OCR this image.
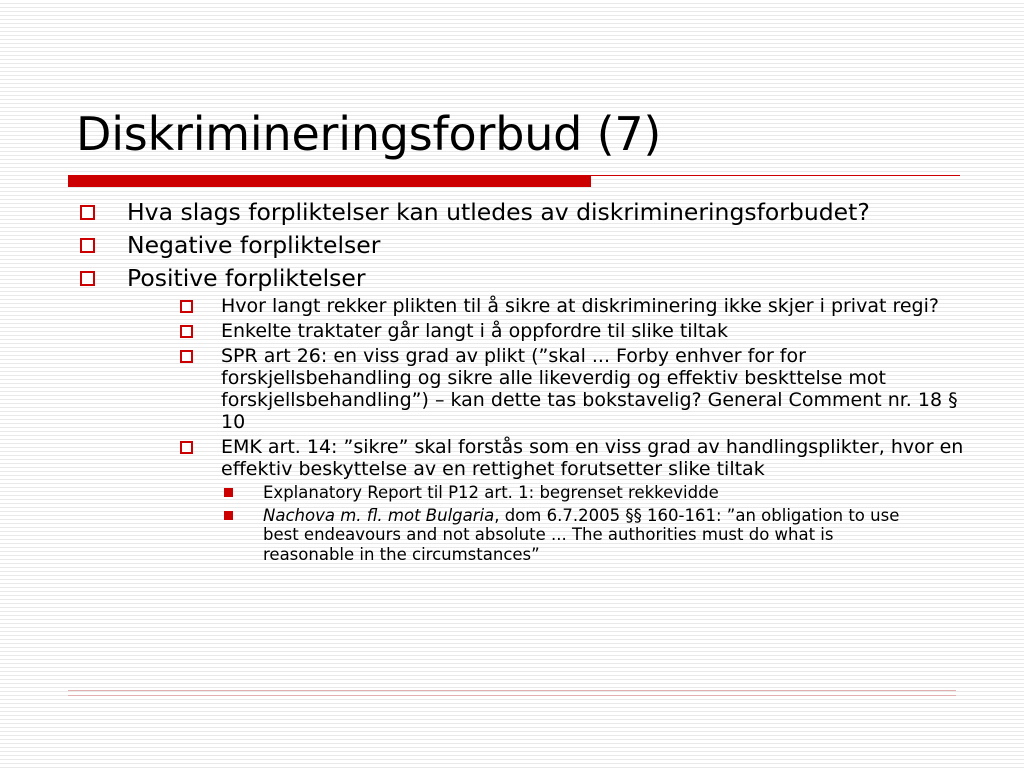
Diskrimineringsforbud (7)
Hva slags forpliktelser kan utledes av diskrimineringsforbudet?
Negative forpliktelser
Positive forpliktelser
Hvor langt rekker plikten til å sikre at diskriminering ikke skjer i privat regi?
Enkelte traktater går langt i å oppfordre til slike tiltak
SPR art 26: en viss grad av plikt (”skal ... Forby enhver for for forskjellsbehandling og sikre alle likeverdig og effektiv beskttelse mot forskjellsbehandling”) – kan dette tas bokstavelig? General Comment nr. 18 § 10
EMK art. 14: ”sikre” skal forstås som en viss grad av handlingsplikter, hvor en effektiv beskyttelse av en rettighet forutsetter slike tiltak
Explanatory Report til P12 art. 1: begrenset rekkevidde
Nachova m. fl. mot Bulgaria, dom 6.7.2005 §§ 160-161: ”an obligation to use best endeavours and not absolute ... The authorities must do what is reasonable in the circumstances”
